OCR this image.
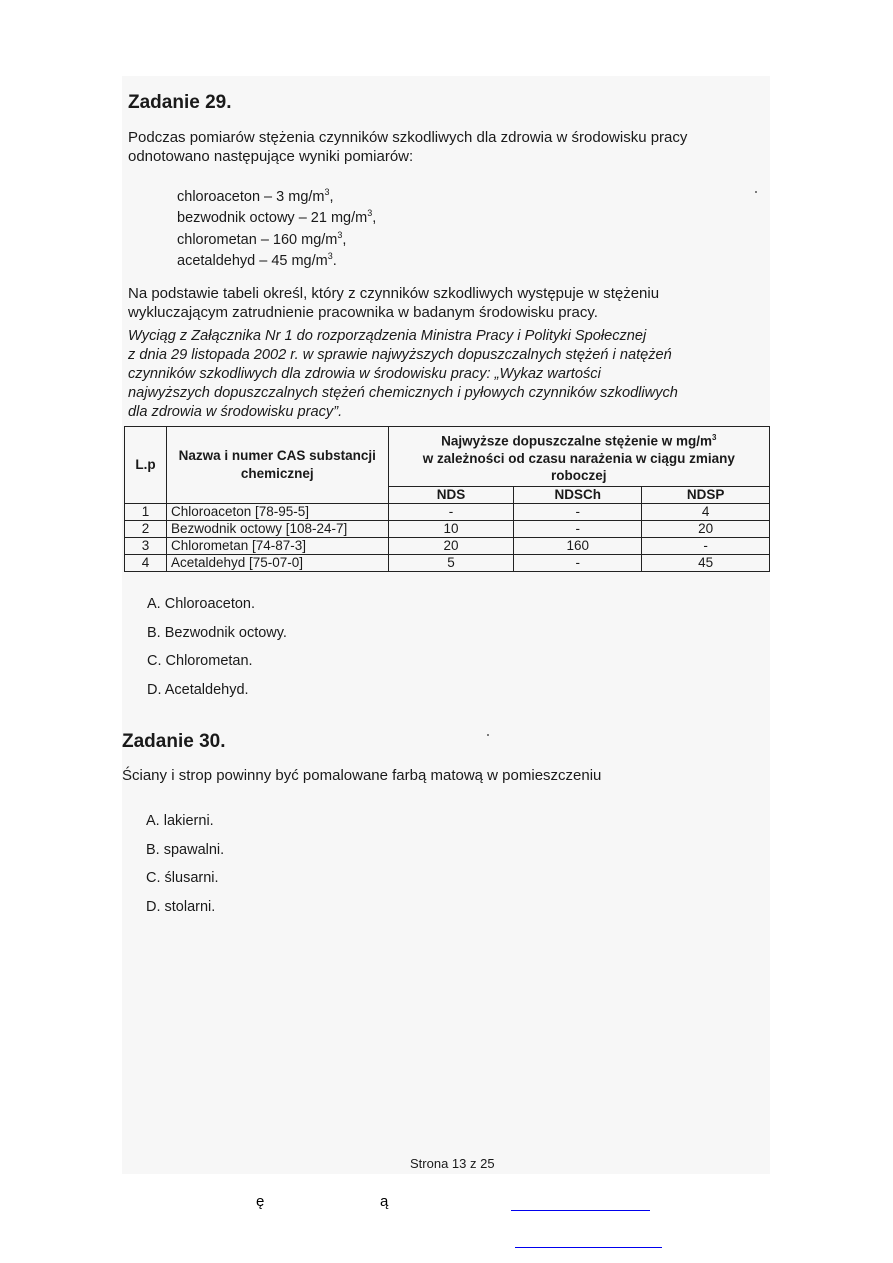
Zadanie 29.
Podczas pomiarów stężenia czynników szkodliwych dla zdrowia w środowisku pracy
odnotowano następujące wyniki pomiarów:
chloroaceton – 3 $mg/m^3$,
bezwodnik octowy – 21 $mg/m^3$,
chlorometan – 160 $mg/m^3$,
acetaldehyd – 45 $mg/m^3$.
Na podstawie tabeli określ, który z czynników szkodliwych występuje w stężeniu
wykluczającym zatrudnienie pracownika w badanym środowisku pracy.
Wyciąg z Załącznika Nr 1 do rozporządzenia Ministra Pracy i Polityki Społecznej
z dnia 29 listopada 2002 r. w sprawie najwyższych dopuszczalnych stężeń i natężeń
czynników szkodliwych dla zdrowia w środowisku pracy: „Wykaz wartości
najwyższych dopuszczalnych stężeń chemicznych i pyłowych czynników szkodliwych
dla zdrowia w środowisku pracy”.
L.p	Nazwa i numer CAS substancji chemicznej	Najwyższe dopuszczalne stężenie w $mg/m^3$
w zależności od czasu narażenia w ciągu zmiany roboczej		
		NDS	NDSCh	NDSP
1	Chloroaceton [78-95-5]	-	-	4
2	Bezwodnik octowy [108-24-7]	10	-	20
3	Chlorometan [74-87-3]	20	160	-
4	Acetaldehyd [75-07-0]	5	-	45
A. Chloroaceton.
B. Bezwodnik octowy.
C. Chlorometan.
D. Acetaldehyd.
Zadanie 30.
Ściany i strop powinny być pomalowane farbą matową w pomieszczeniu
A. lakierni.
B. spawalni.
C. ślusarni.
D. stolarni.
Strona 13 z 25
ę	ą
